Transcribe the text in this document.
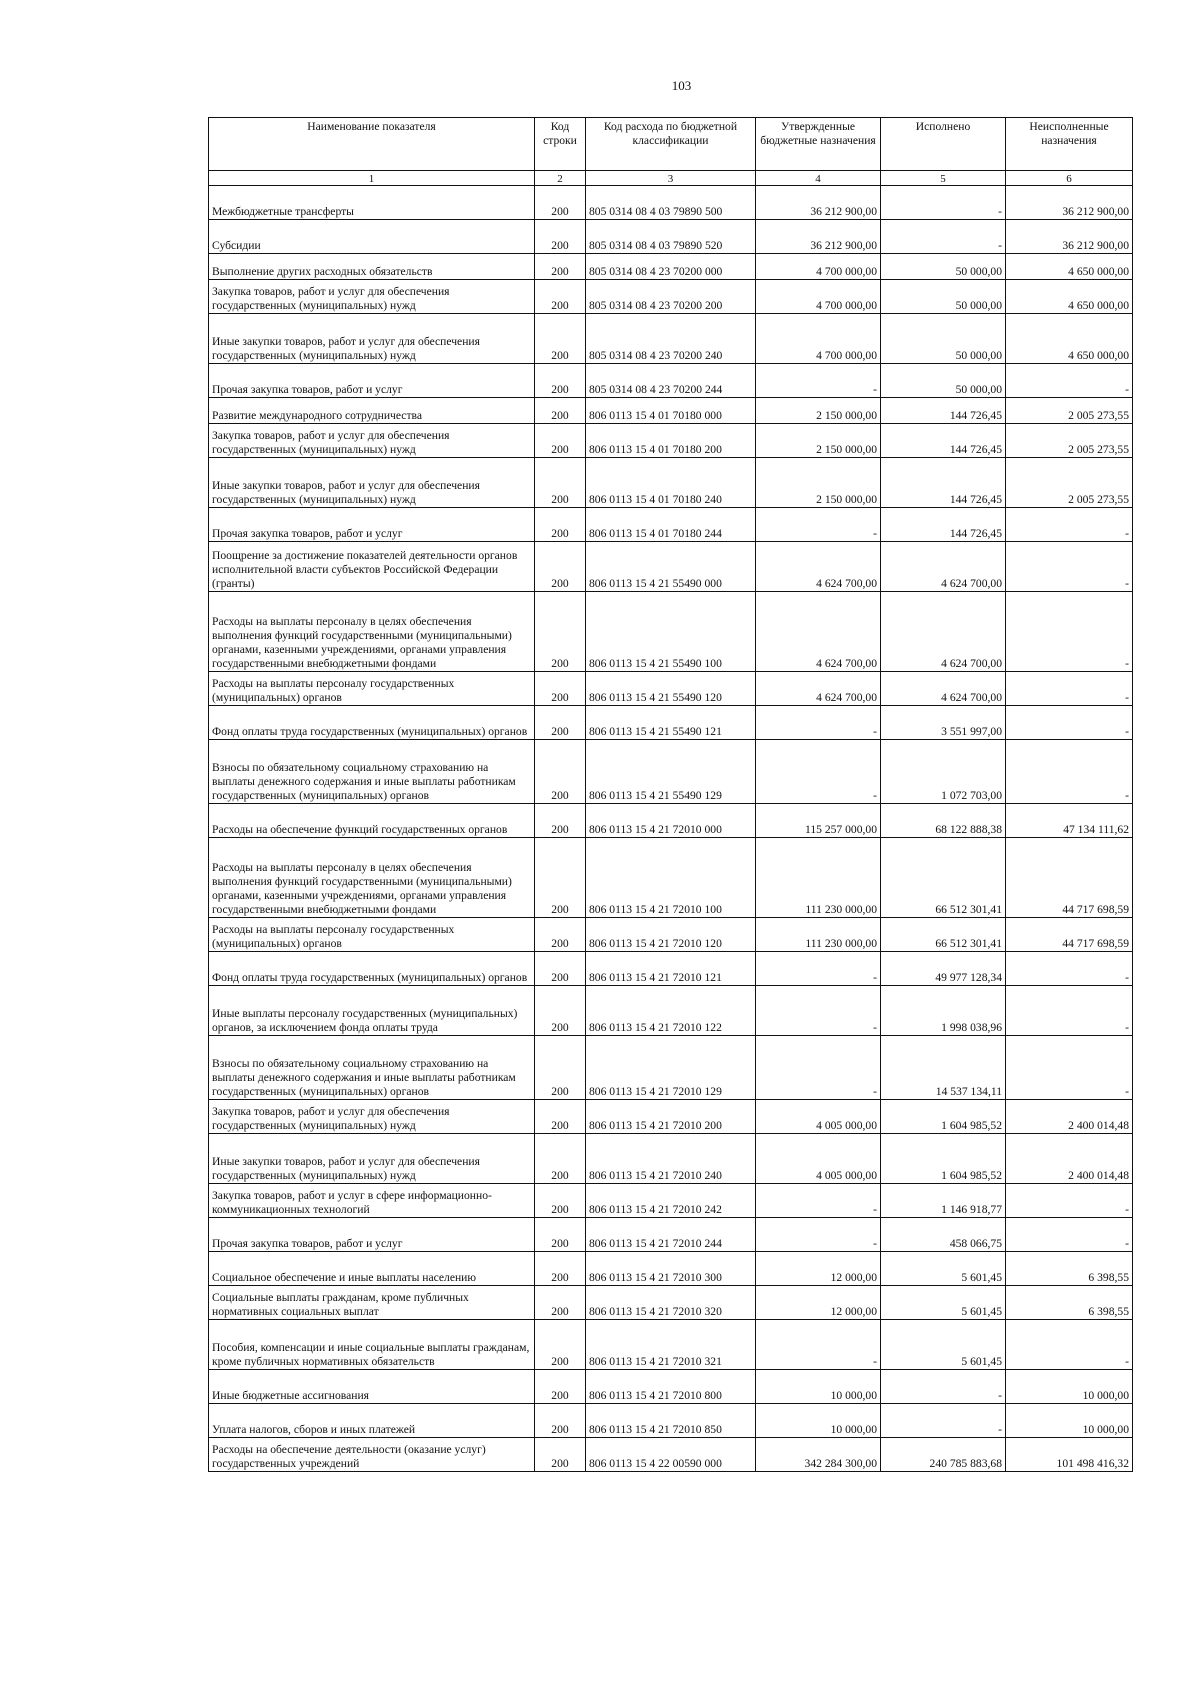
103
Наименование показателя	Код строки	Код расхода по бюджетной классификации	Утвержденные бюджетные назначения	Исполнено	Неисполненные назначения
1	2	3	4	5	6
Межбюджетные трансферты	200	805 0314 08 4 03 79890 500	36 212 900,00	-	36 212 900,00
Субсидии	200	805 0314 08 4 03 79890 520	36 212 900,00	-	36 212 900,00
Выполнение других расходных обязательств	200	805 0314 08 4 23 70200 000	4 700 000,00	50 000,00	4 650 000,00
Закупка товаров, работ и услуг для обеспечения государственных (муниципальных) нужд	200	805 0314 08 4 23 70200 200	4 700 000,00	50 000,00	4 650 000,00
Иные закупки товаров, работ и услуг для обеспечения государственных (муниципальных) нужд	200	805 0314 08 4 23 70200 240	4 700 000,00	50 000,00	4 650 000,00
Прочая закупка товаров, работ и услуг	200	805 0314 08 4 23 70200 244	-	50 000,00	-
Развитие международного сотрудничества	200	806 0113 15 4 01 70180 000	2 150 000,00	144 726,45	2 005 273,55
Закупка товаров, работ и услуг для обеспечения государственных (муниципальных) нужд	200	806 0113 15 4 01 70180 200	2 150 000,00	144 726,45	2 005 273,55
Иные закупки товаров, работ и услуг для обеспечения государственных (муниципальных) нужд	200	806 0113 15 4 01 70180 240	2 150 000,00	144 726,45	2 005 273,55
Прочая закупка товаров, работ и услуг	200	806 0113 15 4 01 70180 244	-	144 726,45	-
Поощрение за достижение показателей деятельности органов исполнительной власти субъектов Российской Федерации (гранты)	200	806 0113 15 4 21 55490 000	4 624 700,00	4 624 700,00	-
Расходы на выплаты персоналу в целях обеспечения выполнения функций государственными (муниципальными) органами, казенными учреждениями, органами управления государственными внебюджетными фондами	200	806 0113 15 4 21 55490 100	4 624 700,00	4 624 700,00	-
Расходы на выплаты персоналу государственных (муниципальных) органов	200	806 0113 15 4 21 55490 120	4 624 700,00	4 624 700,00	-
Фонд оплаты труда государственных (муниципальных) органов	200	806 0113 15 4 21 55490 121	-	3 551 997,00	-
Взносы по обязательному социальному страхованию на выплаты денежного содержания и иные выплаты работникам государственных (муниципальных) органов	200	806 0113 15 4 21 55490 129	-	1 072 703,00	-
Расходы на обеспечение функций государственных органов	200	806 0113 15 4 21 72010 000	115 257 000,00	68 122 888,38	47 134 111,62
Расходы на выплаты персоналу в целях обеспечения выполнения функций государственными (муниципальными) органами, казенными учреждениями, органами управления государственными внебюджетными фондами	200	806 0113 15 4 21 72010 100	111 230 000,00	66 512 301,41	44 717 698,59
Расходы на выплаты персоналу государственных (муниципальных) органов	200	806 0113 15 4 21 72010 120	111 230 000,00	66 512 301,41	44 717 698,59
Фонд оплаты труда государственных (муниципальных) органов	200	806 0113 15 4 21 72010 121	-	49 977 128,34	-
Иные выплаты персоналу государственных (муниципальных) органов, за исключением фонда оплаты труда	200	806 0113 15 4 21 72010 122	-	1 998 038,96	-
Взносы по обязательному социальному страхованию на выплаты денежного содержания и иные выплаты работникам государственных (муниципальных) органов	200	806 0113 15 4 21 72010 129	-	14 537 134,11	-
Закупка товаров, работ и услуг для обеспечения государственных (муниципальных) нужд	200	806 0113 15 4 21 72010 200	4 005 000,00	1 604 985,52	2 400 014,48
Иные закупки товаров, работ и услуг для обеспечения государственных (муниципальных) нужд	200	806 0113 15 4 21 72010 240	4 005 000,00	1 604 985,52	2 400 014,48
Закупка товаров, работ и услуг в сфере информационно-коммуникационных технологий	200	806 0113 15 4 21 72010 242	-	1 146 918,77	-
Прочая закупка товаров, работ и услуг	200	806 0113 15 4 21 72010 244	-	458 066,75	-
Социальное обеспечение и иные выплаты населению	200	806 0113 15 4 21 72010 300	12 000,00	5 601,45	6 398,55
Социальные выплаты гражданам, кроме публичных нормативных социальных выплат	200	806 0113 15 4 21 72010 320	12 000,00	5 601,45	6 398,55
Пособия, компенсации и иные социальные выплаты гражданам, кроме публичных нормативных обязательств	200	806 0113 15 4 21 72010 321	-	5 601,45	-
Иные бюджетные ассигнования	200	806 0113 15 4 21 72010 800	10 000,00	-	10 000,00
Уплата налогов, сборов и иных платежей	200	806 0113 15 4 21 72010 850	10 000,00	-	10 000,00
Расходы на обеспечение деятельности (оказание услуг) государственных учреждений	200	806 0113 15 4 22 00590 000	342 284 300,00	240 785 883,68	101 498 416,32
